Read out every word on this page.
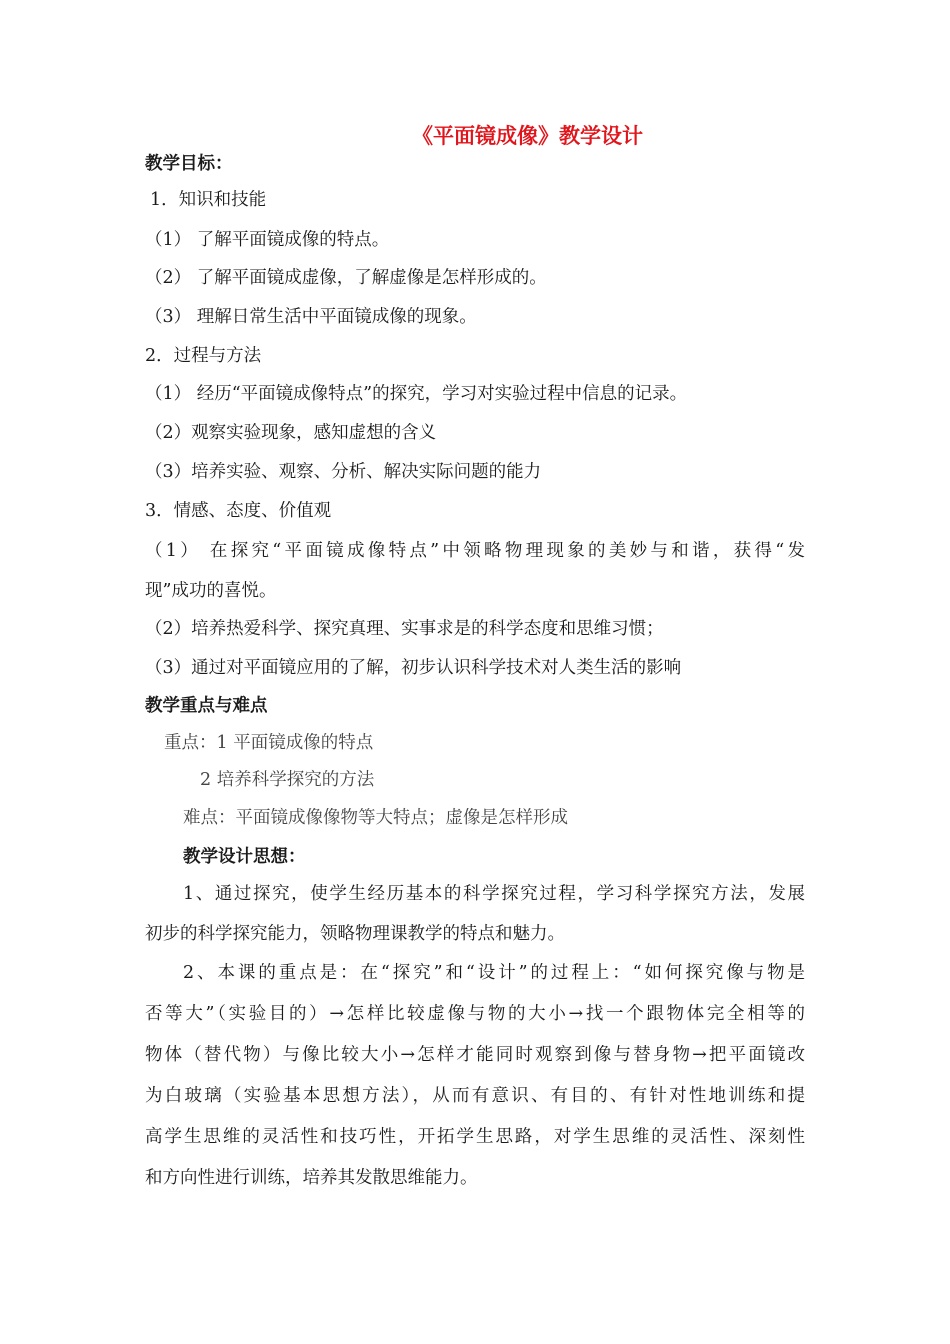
《平面镜成像》教学设计
教学目标：
1．知识和技能
（1） 了解平面镜成像的特点。
（2） 了解平面镜成虚像，了解虚像是怎样形成的。
（3） 理解日常生活中平面镜成像的现象。
2．过程与方法
（1） 经历“平面镜成像特点”的探究，学习对实验过程中信息的记录。
（2）观察实验现象，感知虚想的含义
（3）培养实验、观察、分析、解决实际问题的能力
3．情感、态度、价值观
（1） 在探究“平面镜成像特点”中领略物理现象的美妙与和谐，获得“发
现”成功的喜悦。
（2）培养热爱科学、探究真理、实事求是的科学态度和思维习惯；
（3）通过对平面镜应用的了解，初步认识科学技术对人类生活的影响
教学重点与难点
重点：1 平面镜成像的特点
2 培养科学探究的方法
难点：平面镜成像像物等大特点；虚像是怎样形成
教学设计思想：
1、通过探究，使学生经历基本的科学探究过程，学习科学探究方法，发展
初步的科学探究能力，领略物理课教学的特点和魅力。
2、本课的重点是：在“探究”和“设计”的过程上：“如何探究像与物是
否等大”（实验目的）→怎样比较虚像与物的大小→找一个跟物体完全相等的
物体（替代物）与像比较大小→怎样才能同时观察到像与替身物→把平面镜改
为白玻璃（实验基本思想方法），从而有意识、有目的、有针对性地训练和提
高学生思维的灵活性和技巧性，开拓学生思路，对学生思维的灵活性、深刻性
和方向性进行训练，培养其发散思维能力。
